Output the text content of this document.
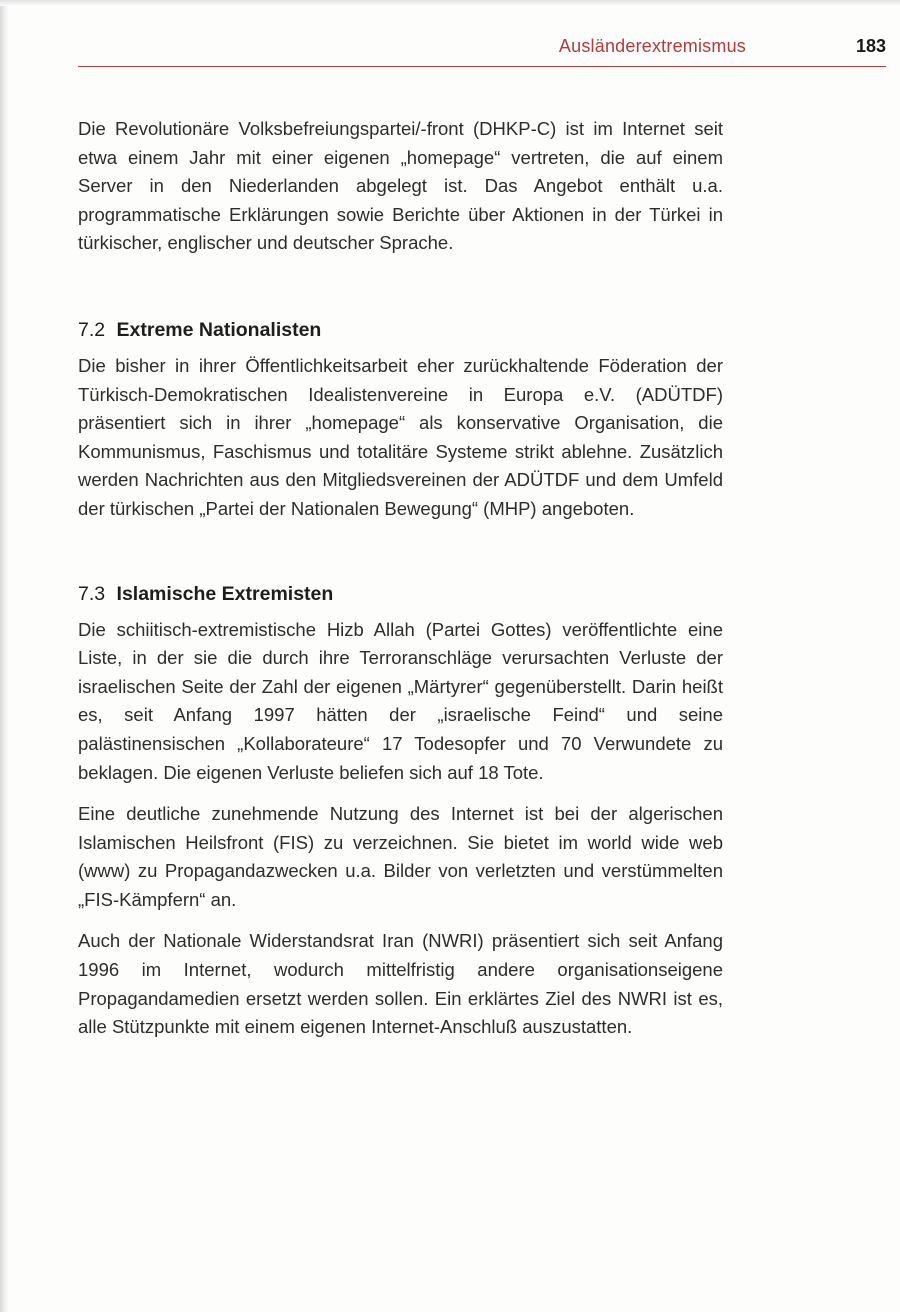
Ausländerextremismus	183

Die Revolutionäre Volksbefreiungspartei/-front (DHKP-C) ist im Internet seit etwa einem Jahr mit einer eigenen „homepage“ vertreten, die auf einem Server in den Niederlanden abgelegt ist. Das Angebot enthält u.a. programmatische Erklärungen sowie Berichte über Aktionen in der Türkei in türkischer, englischer und deutscher Sprache.

7.2 Extreme Nationalisten

Die bisher in ihrer Öffentlichkeitsarbeit eher zurückhaltende Föderation der Türkisch-Demokratischen Idealistenvereine in Europa e.V. (ADÜTDF) präsentiert sich in ihrer „homepage“ als konservative Organisation, die Kommunismus, Faschismus und totalitäre Systeme strikt ablehne. Zusätzlich werden Nachrichten aus den Mitgliedsvereinen der ADÜTDF und dem Umfeld der türkischen „Partei der Nationalen Bewegung“ (MHP) angeboten.

7.3 Islamische Extremisten

Die schiitisch-extremistische Hizb Allah (Partei Gottes) veröffentlichte eine Liste, in der sie die durch ihre Terroranschläge verursachten Verluste der israelischen Seite der Zahl der eigenen „Märtyrer“ gegenüberstellt. Darin heißt es, seit Anfang 1997 hätten der „israelische Feind“ und seine palästinensischen „Kollaborateure“ 17 Todesopfer und 70 Verwundete zu beklagen. Die eigenen Verluste beliefen sich auf 18 Tote.

Eine deutliche zunehmende Nutzung des Internet ist bei der algerischen Islamischen Heilsfront (FIS) zu verzeichnen. Sie bietet im world wide web (www) zu Propagandazwecken u.a. Bilder von verletzten und verstümmelten „FIS-Kämpfern“ an.

Auch der Nationale Widerstandsrat Iran (NWRI) präsentiert sich seit Anfang 1996 im Internet, wodurch mittelfristig andere organisationseigene Propagandamedien ersetzt werden sollen. Ein erklärtes Ziel des NWRI ist es, alle Stützpunkte mit einem eigenen Internet-Anschluß auszustatten.
